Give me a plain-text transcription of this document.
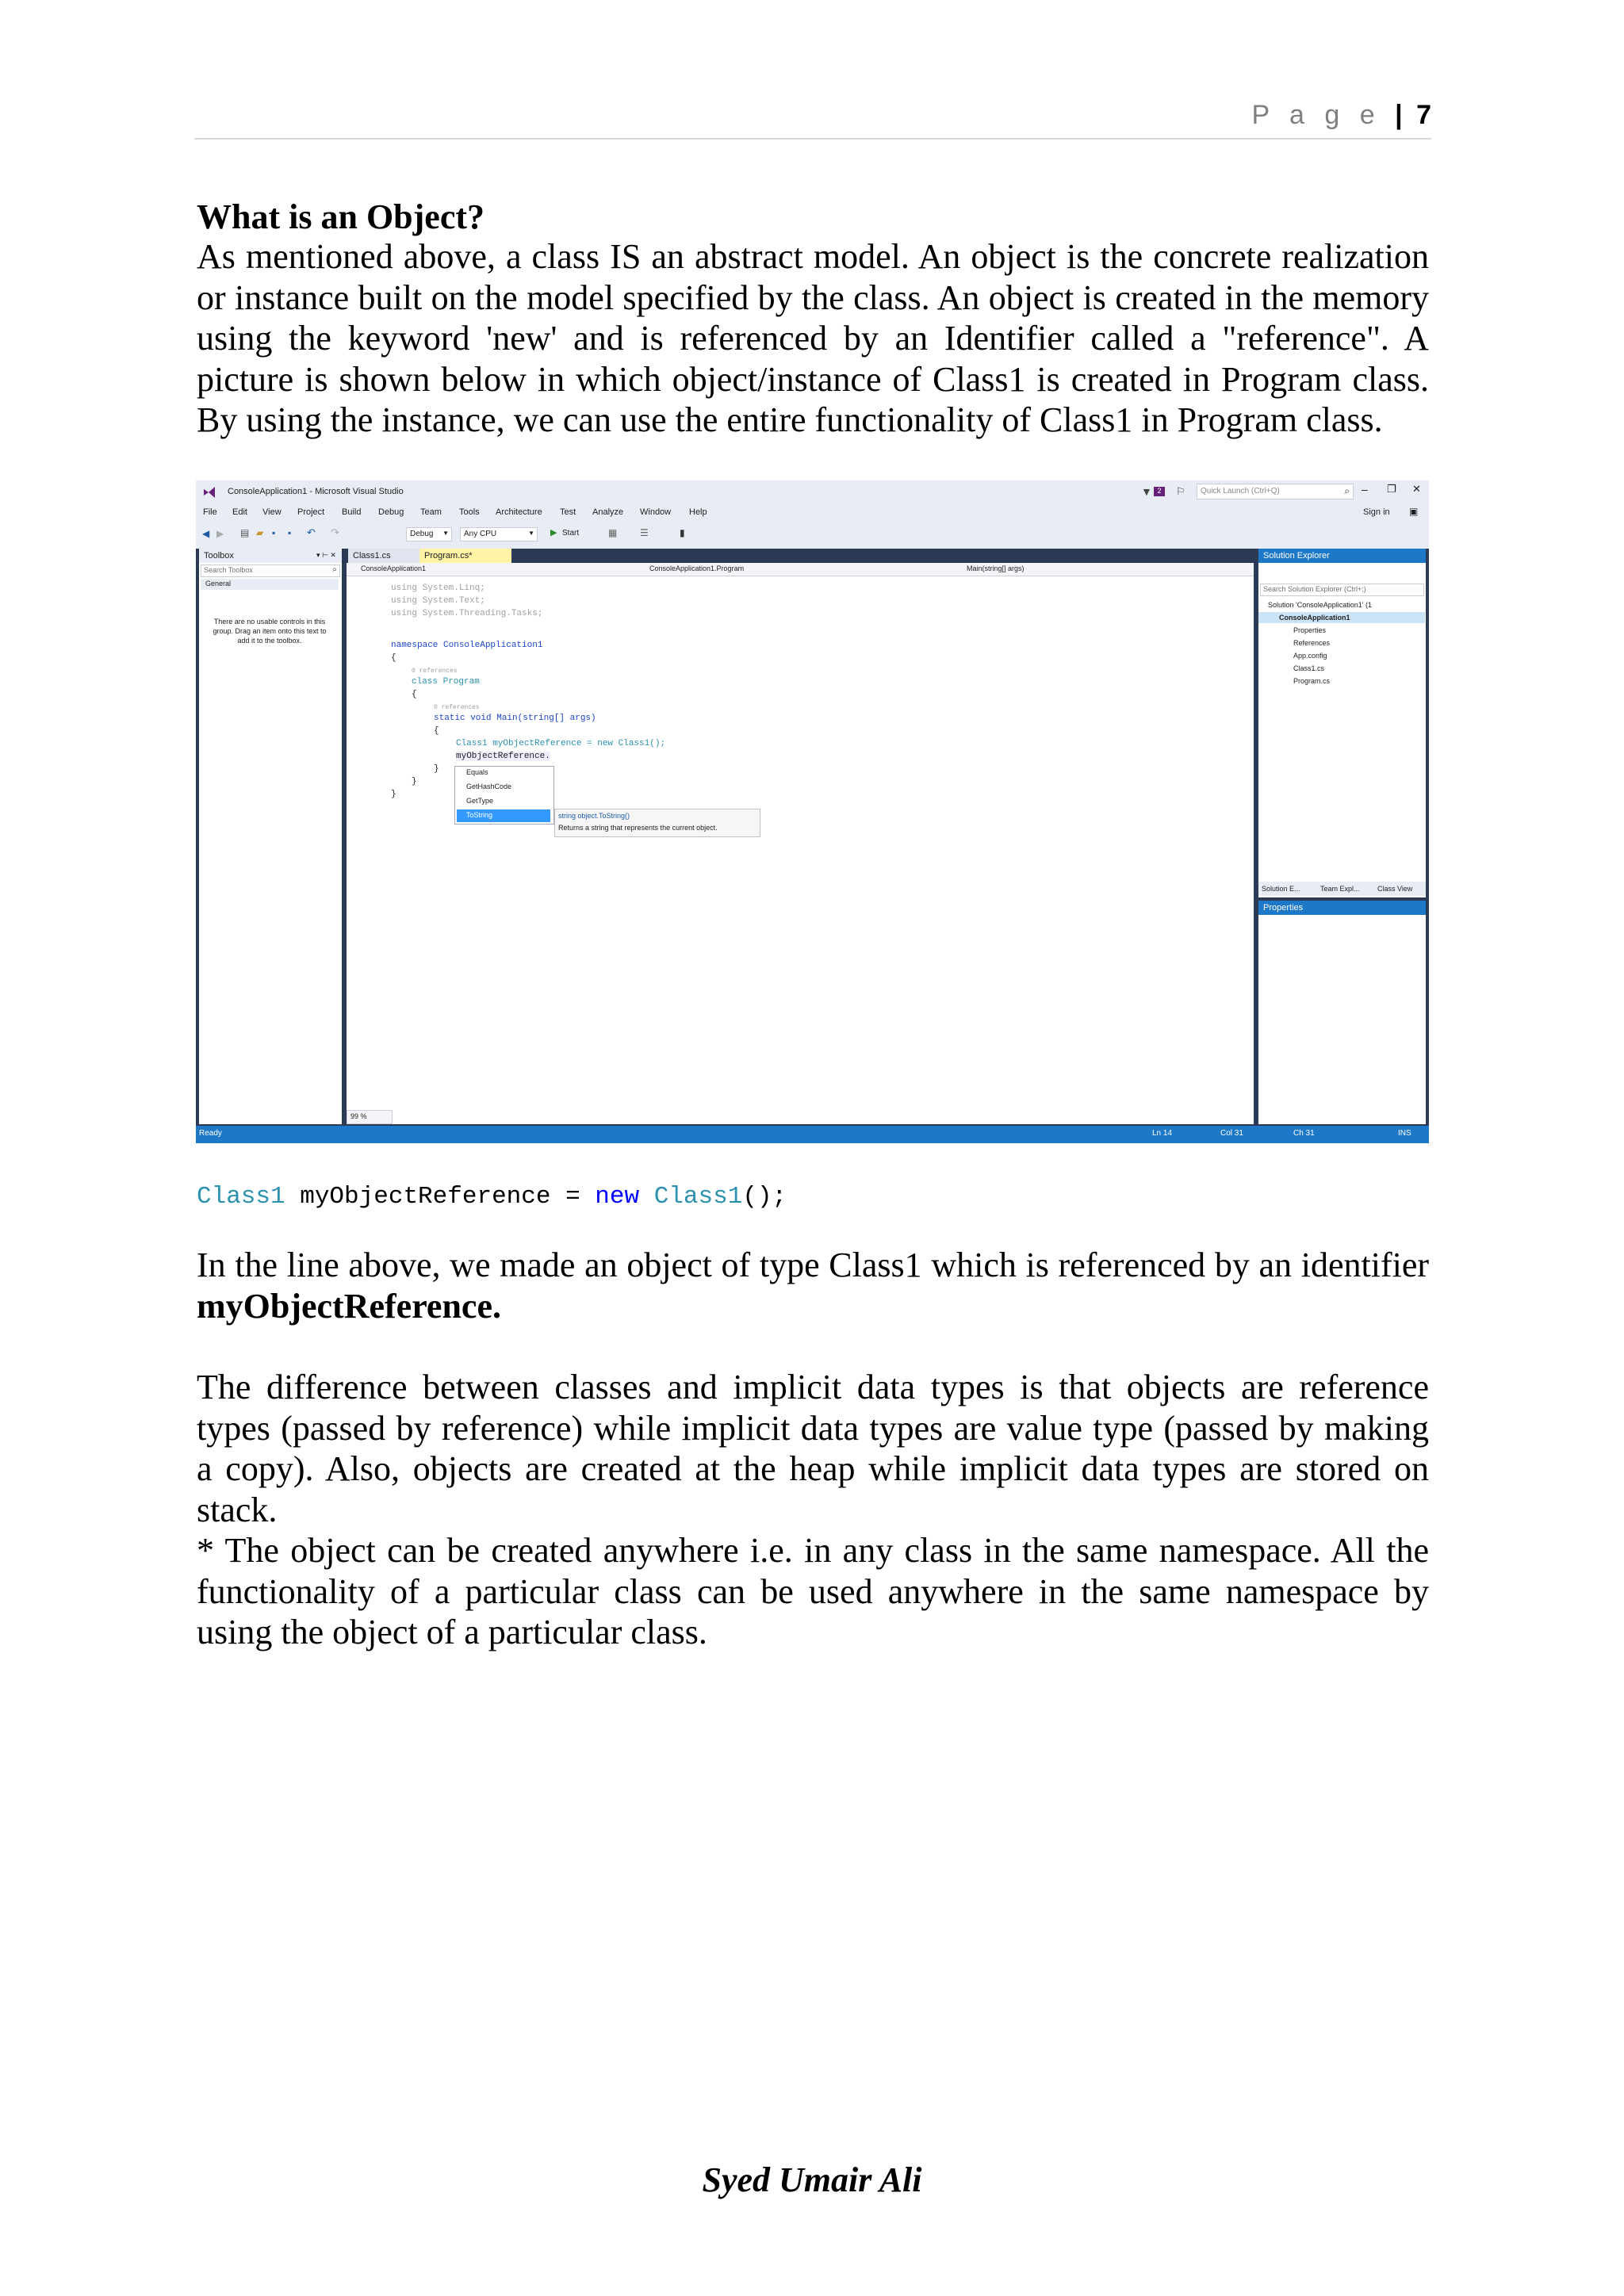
P a g e | 7
What is an Object?
As mentioned above, a class IS an abstract model. An object is the concrete realization or instance built on the model specified by the class. An object is created in the memory using the keyword 'new' and is referenced by an Identifier called a "reference". A picture is shown below in which object/instance of Class1 is created in Program class. By using the instance, we can use the entire functionality of Class1 in Program class.
ConsoleApplication1 - Microsoft Visual Studio	▼ 2	⚐ Quick Launch (Ctrl+Q)	⌕ – ❐ ✕
File Edit View Project Build Debug Team Tools Architecture Test Analyze Window Help	Sign in ▣
◀ ▶ ▤ ▰ ▪ ▪ ↶ ↷	Debug ▼ Any CPU	▼ ▶ Start	▦ ☰	▮
Toolbox	▾ ⊢ ✕
Search Toolbox	⌕
General
There are no usable controls in this group. Drag an item onto this text to add it to the toolbox.
Class1.cs	Program.cs*
ConsoleApplication1	ConsoleApplication1.Program	Main(string[] args)
using System.Linq;
using System.Text;
using System.Threading.Tasks;
namespace ConsoleApplication1
{
0 references
class Program
{
0 references
static void Main(string[] args)
{
Class1 myObjectReference = new Class1();
myObjectReference.
}
}
}
Equals
GetHashCode
GetType
ToString	string object.ToString()
Returns a string that represents the current object.
99 %
Solution Explorer
Search Solution Explorer (Ctrl+;)
Solution 'ConsoleApplication1' (1
ConsoleApplication1
Properties
References
App.config
Class1.cs
Program.cs
Solution E...	Team Expl... Class View
Properties
Ready	Ln 14	Col 31	Ch 31	INS
Class1 myObjectReference = new Class1();
In the line above, we made an object of type Class1 which is referenced by an identifier myObjectReference.
The difference between classes and implicit data types is that objects are reference types (passed by reference) while implicit data types are value type (passed by making a copy). Also, objects are created at the heap while implicit data types are stored on stack.
* The object can be created anywhere i.e. in any class in the same namespace. All the functionality of a particular class can be used anywhere in the same namespace by using the object of a particular class.
Syed Umair Ali
